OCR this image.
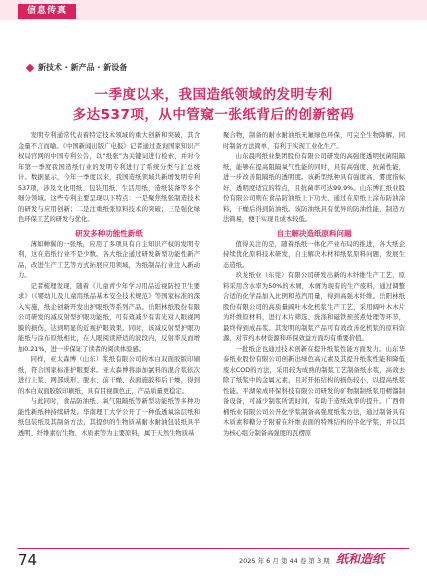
信息传真
新技术 · 新产品 · 新设备
一季度以来，我国造纸领域的发明专利
多达537项，从中管窥一张纸背后的创新密码

发明专利通常代表着特定技术领域的重大创新和突破，其含金量不言而喻。《中国新闻出版广电报》记者通过查询国家知识产权局官网的中国专利公告，以“纸张”为关键词进行检索，并对今年第一季度我国造纸行业的发明专利进行了系统分类与汇总统计。数据显示，今年一季度以来，我国造纸领域共新增发明专利537项，涉及文化用纸、包装用纸、生活用纸、造纸装备等多个细分领域。这些专利主要呈现以下特点：一是聚焦纸张制造技术的研发与应用创新；二是注重纸张原料技术的突破；三是强化绿色环保工艺的研发与优化。

研发多种功能性新纸

薄如蝉翼的一张纸，应用了多项具有自主知识产权的发明专利，这在造纸行业不是少数。各大纸企通过研发新型功能性新产品，改进生产工艺等方式拓展应用领域，为纸制品行业注入新动力。

记者梳理发现，随着《儿童青少年学习用品近视防控卫生要求》（《婴幼儿及儿童用纸品基本安全技术规范》等国家标准的深入实施，纸企创新开发出护眼纸等系列产品。岳阳林纸股份有限公司研发的减反射型护眼功能纸，可有效减少有害光对人眼视网膜的损伤，达到明显的近视护眼效果。同时，该减反射型护眼功能纸与涂布原纸相比，在人眼阅读舒适的波段内，反射率反而增加0.21%，进一步保证了读者的阅读体验感。

同样，亚太森博（山东）浆纸有限公司的本白双面胶版印刷纸，符合国家标准护眼要求。亚太森博将添加氯料的混合浆依次进行上浆、网部成形、脱水、前干燥、表面施胶和后干燥，得到的本白双面胶版印刷纸，具有目视颜色正，产品质量更稳定。

与此同时，食品防油纸、氧气阻隔纸等新型功能纸等多种功能性新纸种持续研发。华南理工大学公开了一种低透氧涂层纸和纸包装纸及其制备方法，其提供的生物质基耐水耐油包装纸具半透明、纤维素衍生物、木质素等为主要原料，属于天然生物质基

聚合物，制备的耐水耐油纸无氟绿色环保，可完全生物降解，同时制备方法简单，有利于实现工业化生产。

山东晨鸣纸业集团股份有限公司研发的高强度透明抗菌阻隔纸，能够在提高阻隔氧气性能的同时，具有高强度、抗菌性能，进一步改善阻隔纸的透明度。该新型纸种具有强度高、雾度指标好、透明度适宜的特点，且抗菌率可达99.9%。山东博汇纸业股份有限公司则在食品防油纸上下功夫，通过在原纸上涂布防油涂料，干燥后得到防油纸。该防油纸具有优异的防油性能，制造方法简易，便于实现且成本较低。

自主解决造纸原料问题

值得关注的是，随着纸纸一体化产业布局的推进，各大纸企持续优化原料技术研发，自主解决木材和纸浆原料问题，发展生态造纸。

玖龙纸业（东莞）有限公司研发出新的木纤维生产工艺，原料采用含水率为50%的木屑，木屑为现有的生产废料，通过调整合适的化学品加入比例和蒸汽用量，得到高强木纤维。岳阳林纸股份有限公司的高质量阔叶木化机浆生产工艺，采用阔叶木木片为纤维原材料，进行木片筛选、洗涤和磁铁预蒸煮处理等环节，最终得到成品浆。其发明的制浆产品可有效改善化机浆的原料资源，对节约木材资源和环保效益方面均有重要价值。

一批纸企也通过技术创新在提升纸浆性能方面发力。山东华泰纸业股份有限公司创新出绿色高元素及其提升纸浆性能和降低废水COD的方法，采用较为成熟的制浆工艺制备纸水浆，高效去除了纸浆中的金属元素，且对开拓结构的损伤较小，以提高纸浆性能。平湖荣成环保科技有限公司研发的矿物制制纸浆用精馏制备设备，可减少制浆所需时间，有助于造纸效率的提升。广西骨桶纸业有限公司公开化学浆制备高强度纸浆方法，通过制备具有木质素和糖分子附着在纤维表面的特殊结构的半化学浆，并以其为核心组分制备高强度的瓦楞原

74	2025 年 6 月 第 44 卷 第 3 期 纸和造纸
